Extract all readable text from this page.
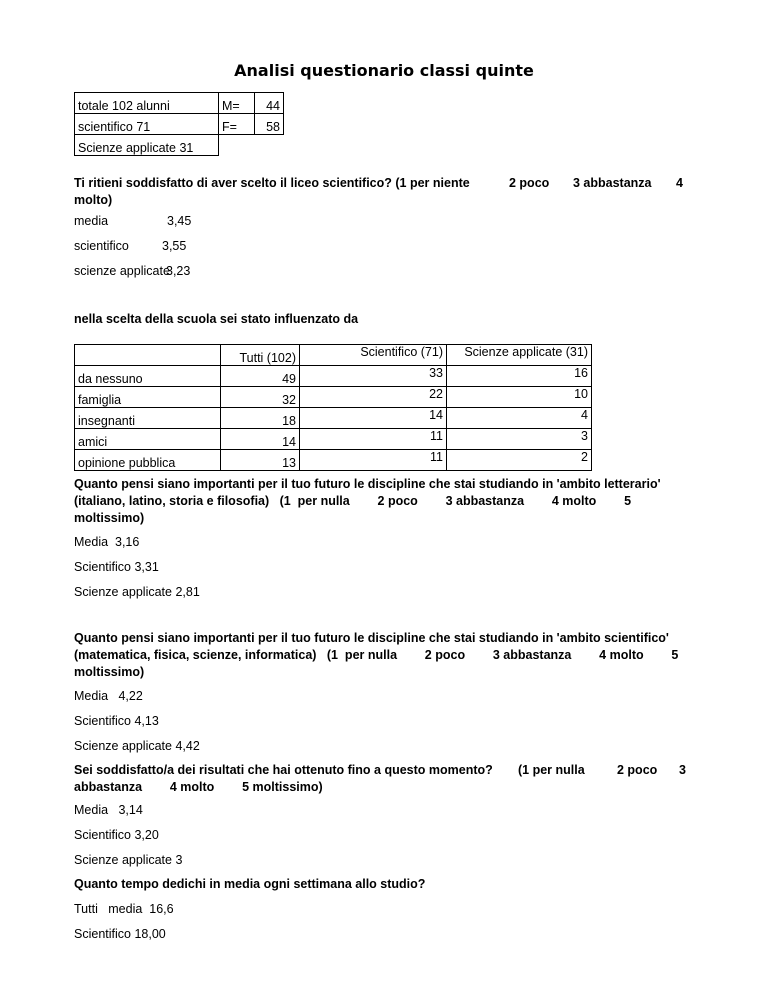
Analisi questionario classi quinte
totale 102 alunni	M=	44
scientifico 71	F=	58
Scienze applicate 31		
Ti ritieni soddisfatto di aver scelto il liceo scientifico? (1 per niente	2 poco 3 abbastanza 4
molto)
media	3,45
scientifico	3,55
scienze applicate
3,23
nella scelta della scuola sei stato influenzato da
	Tutti (102)	Scientifico (71)	Scienze applicate (31)
da nessuno	49	33	16
famiglia	32	22	10
insegnanti	18	14	4
amici	14	11	3
opinione pubblica	13	11	2
Quanto pensi siano importanti per il tuo futuro le discipline che stai studiando in 'ambito letterario'
(italiano, latino, storia e filosofia)   (1  per nulla        2 poco        3 abbastanza        4 molto        5
moltissimo)
Media  3,16
Scientifico 3,31
Scienze applicate 2,81
Quanto pensi siano importanti per il tuo futuro le discipline che stai studiando in 'ambito scientifico'
(matematica, fisica, scienze, informatica)   (1  per nulla        2 poco        3 abbastanza        4 molto        5
moltissimo)
Media   4,22
Scientifico 4,13
Scienze applicate 4,42
Sei soddisfatto/a dei risultati che hai ottenuto fino a questo momento? (1 per nulla	2 poco 3
abbastanza        4 molto        5 moltissimo)
Media   3,14
Scientifico 3,20
Scienze applicate 3
Quanto tempo dedichi in media ogni settimana allo studio?
Tutti   media  16,6
Scientifico 18,00
